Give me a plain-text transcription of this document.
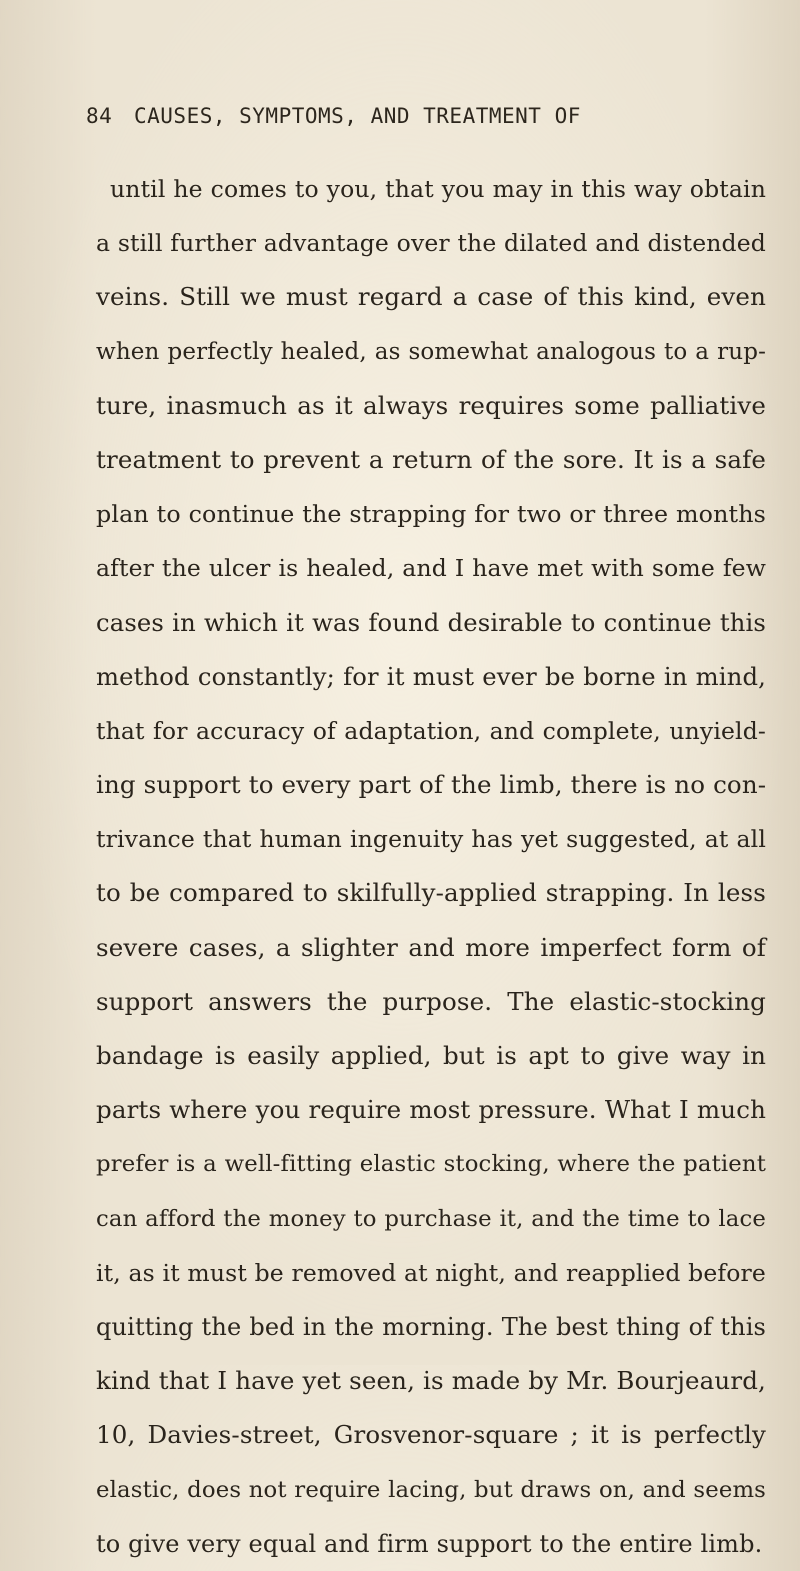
84 CAUSES, SYMPTOMS, AND TREATMENT OF
until he comes to you, that you may in this way obtain
a still further advantage over the dilated and distended
veins. Still we must regard a case of this kind, even
when perfectly healed, as somewhat analogous to a rup-
ture, inasmuch as it always requires some palliative
treatment to prevent a return of the sore. It is a safe
plan to continue the strapping for two or three months
after the ulcer is healed, and I have met with some few
cases in which it was found desirable to continue this
method constantly; for it must ever be borne in mind,
that for accuracy of adaptation, and complete, unyield-
ing support to every part of the limb, there is no con-
trivance that human ingenuity has yet suggested, at all
to be compared to skilfully-applied strapping. In less
severe cases, a slighter and more imperfect form of
support answers the purpose. The elastic-stocking
bandage is easily applied, but is apt to give way in
parts where you require most pressure. What I much
prefer is a well-fitting elastic stocking, where the patient
can afford the money to purchase it, and the time to lace
it, as it must be removed at night, and reapplied before
quitting the bed in the morning. The best thing of this
kind that I have yet seen, is made by Mr. Bourjeaurd,
10, Davies-street, Grosvenor-square ; it is perfectly
elastic, does not require lacing, but draws on, and seems
to give very equal and firm support to the entire limb.
